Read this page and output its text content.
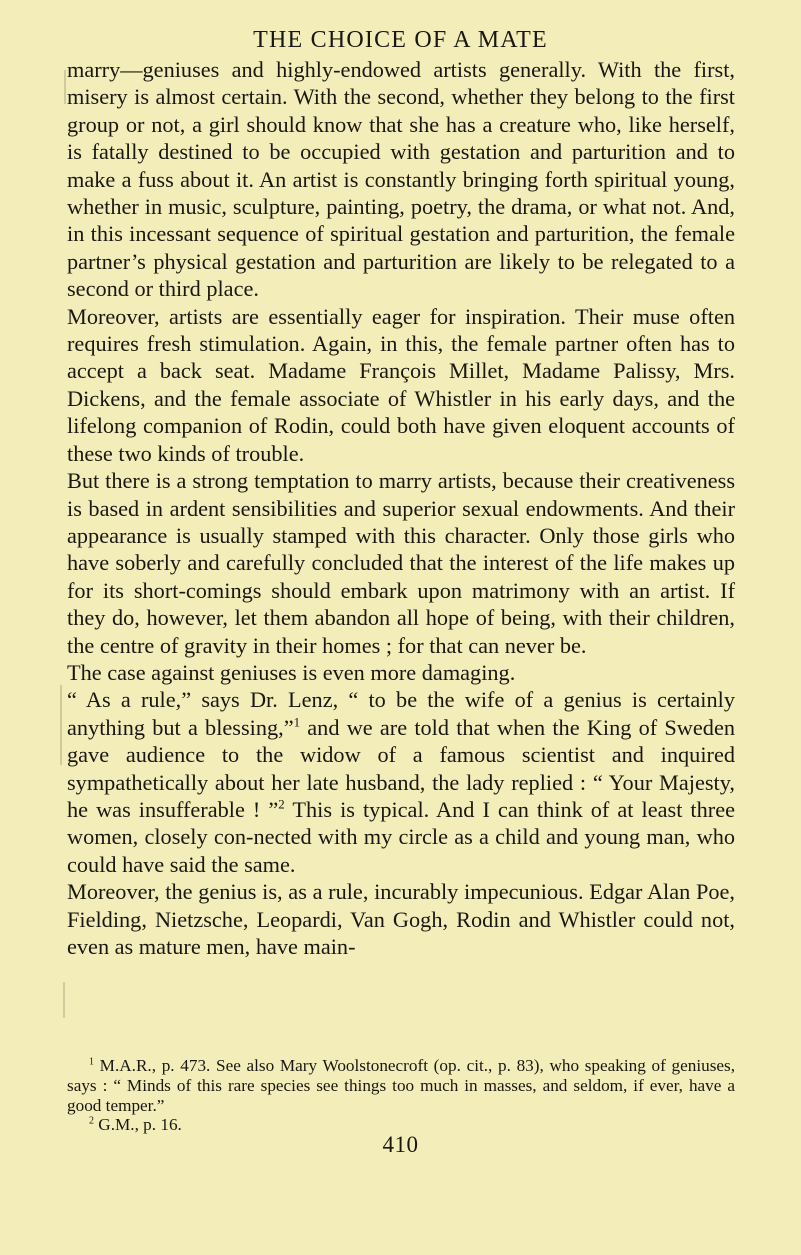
THE CHOICE OF A MATE

marry—geniuses and highly-endowed artists generally. With the first, misery is almost certain. With the second, whether they belong to the first group or not, a girl should know that she has a creature who, like herself, is fatally destined to be occupied with gestation and parturition and to make a fuss about it. An artist is constantly bringing forth spiritual young, whether in music, sculpture, painting, poetry, the drama, or what not. And, in this incessant sequence of spiritual gestation and parturition, the female partner’s physical gestation and parturition are likely to be relegated to a second or third place.

Moreover, artists are essentially eager for inspiration. Their muse often requires fresh stimulation. Again, in this, the female partner often has to accept a back seat. Madame François Millet, Madame Palissy, Mrs. Dickens, and the female associate of Whistler in his early days, and the lifelong companion of Rodin, could both have given eloquent accounts of these two kinds of trouble.

But there is a strong temptation to marry artists, because their creativeness is based in ardent sensibilities and superior sexual endowments. And their appearance is usually stamped with this character. Only those girls who have soberly and carefully concluded that the interest of the life makes up for its short-comings should embark upon matrimony with an artist. If they do, however, let them abandon all hope of being, with their children, the centre of gravity in their homes ; for that can never be.

The case against geniuses is even more damaging.

“ As a rule,” says Dr. Lenz, “ to be the wife of a genius is certainly anything but a blessing,”$^1$ and we are told that when the King of Sweden gave audience to the widow of a famous scientist and inquired sympathetically about her late husband, the lady replied : “ Your Majesty, he was insufferable ! ”$^2$ This is typical. And I can think of at least three women, closely con-nected with my circle as a child and young man, who could have said the same.

Moreover, the genius is, as a rule, incurably impecunious. Edgar Alan Poe, Fielding, Nietzsche, Leopardi, Van Gogh, Rodin and Whistler could not, even as mature men, have main-

$^1$ M.A.R., p. 473. See also Mary Woolstonecroft (op. cit., p. 83), who speaking of geniuses, says : “ Minds of this rare species see things too much in masses, and seldom, if ever, have a good temper.”

$^2$ G.M., p. 16.

410
